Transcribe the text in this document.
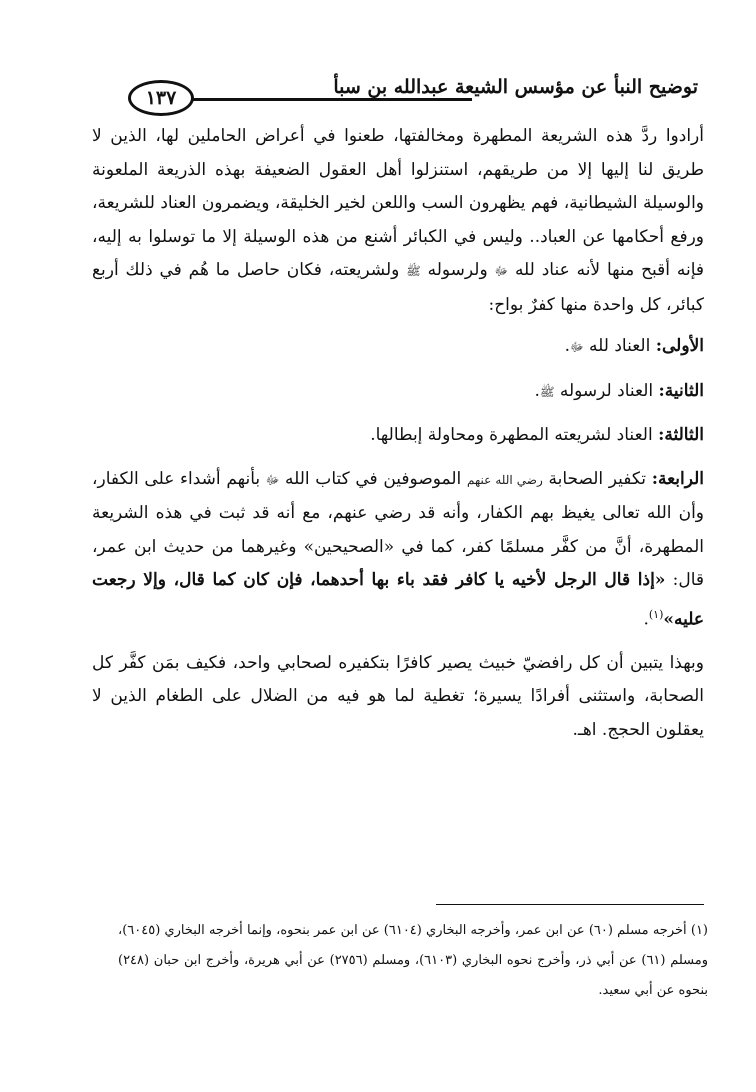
توضيح النبأ عن مؤسس الشيعة عبدالله بن سبأ
١٣٧

أرادوا ردَّ هذه الشريعة المطهرة ومخالفتها، طعنوا في أعراض الحاملين لها، الذين لا طريق لنا إليها إلا من طريقهم، استنزلوا أهل العقول الضعيفة بهذه الذريعة الملعونة والوسيلة الشيطانية، فهم يظهرون السب واللعن لخير الخليقة، ويضمرون العناد للشريعة، ورفع أحكامها عن العباد.. وليس في الكبائر أشنع من هذه الوسيلة إلا ما توسلوا به إليه، فإنه أقبح منها لأنه عناد لله ﷻ ولرسوله ﷺ ولشريعته، فكان حاصل ما هُم في ذلك أربع كبائر، كل واحدة منها كفرٌ بواح:

الأولى: العناد لله ﷻ.

الثانية: العناد لرسوله ﷺ.

الثالثة: العناد لشريعته المطهرة ومحاولة إبطالها.

الرابعة: تكفير الصحابة رضي الله عنهم الموصوفين في كتاب الله ﷻ بأنهم أشداء على الكفار، وأن الله تعالى يغيظ بهم الكفار، وأنه قد رضي عنهم، مع أنه قد ثبت في هذه الشريعة المطهرة، أنَّ من كفَّر مسلمًا كفر، كما في «الصحيحين» وغيرهما من حديث ابن عمر، قال: «إذا قال الرجل لأخيه يا كافر فقد باء بها أحدهما، فإن كان كما قال، وإلا رجعت عليه»$^{(١)}$.

وبهذا يتبين أن كل رافضيّ خبيث يصير كافرًا بتكفيره لصحابي واحد، فكيف بمَن كفَّر كل الصحابة، واستثنى أفرادًا يسيرة؛ تغطية لما هو فيه من الضلال على الطغام الذين لا يعقلون الحجج. اهـ.

(١) أخرجه مسلم (٦٠) عن ابن عمر، وأخرجه البخاري (٦١٠٤) عن ابن عمر بنحوه، وإنما أخرجه البخاري (٦٠٤٥)، ومسلم (٦١) عن أبي ذر، وأخرج نحوه البخاري (٦١٠٣)، ومسلم (٢٧٥٦) عن أبي هريرة، وأخرج ابن حبان (٢٤٨) بنحوه عن أبي سعيد.
